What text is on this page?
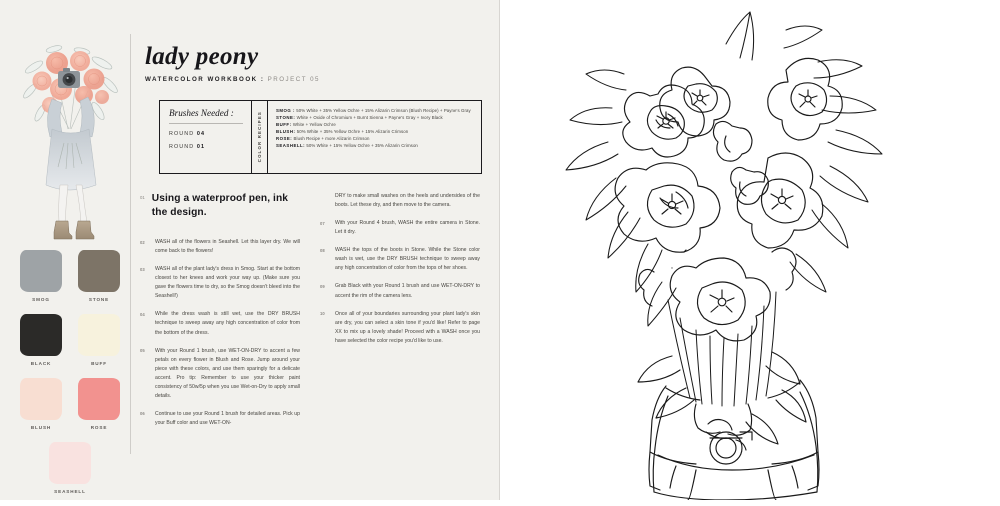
SMOG	STONE
BLACK	BUFF
BLUSH	ROSE
SEASHELL
lady peony
WATERCOLOR WORKBOOK : PROJECT 05
Brushes Needed :
ROUND 04
ROUND 01	COLOR RECIPES
SMOG : 50% White + 35% Yellow Ochre + 15% Alizarin Crimson (Blush Recipe) + Payne's Gray
STONE: White + Oxide of Chromium + Burnt Sienna + Payne's Gray + Ivory Black
BUFF: White + Yellow Ochre
BLUSH: 50% White + 35% Yellow Ochre + 15% Alizarin Crimson
ROSE: Blush Recipe + more Alizarin Crimson
SEASHELL: 50% White + 15% Yellow Ochre + 35% Alizarin Crimson
01 Using a waterproof pen, ink the design.
02	WASH all of the flowers in Seashell. Let this layer dry. We will come back to the flowers!
03	WASH all of the plant lady's dress in Smog. Start at the bottom closest to her knees and work your way up. (Make sure you gave the flowers time to dry, so the Smog doesn't bleed into the Seashell!)
04	While the dress wash is still wet, use the DRY BRUSH technique to sweep away any high concentration of color from the bottom of the dress.
05	With your Round 1 brush, use WET-ON-DRY to accent a few petals on every flower in Blush and Rose. Jump around your piece with these colors, and use them sparingly for a delicate accent. Pro tip: Remember to use your thicker paint consistency of 50w/5p when you use Wet-on-Dry to apply small details.
06	Continue to use your Round 1 brush for detailed areas. Pick up your Buff color and use WET-ON-
DRY to make small washes on the heels and undersides of the boots. Let these dry, and then move to the camera.
07	With your Round 4 brush, WASH the entire camera in Stone. Let it dry.
08	WASH the tops of the boots in Stone. While the Stone color wash is wet, use the DRY BRUSH technique to sweep away any high concentration of color from the tops of her shoes.
09	Grab Black with your Round 1 brush and use WET-ON-DRY to accent the rim of the camera lens.
10	Once all of your boundaries surrounding your plant lady's skin are dry, you can select a skin tone if you'd like! Refer to page XX to mix up a lovely shade! Proceed with a WASH once you have selected the color recipe you'd like to use.
